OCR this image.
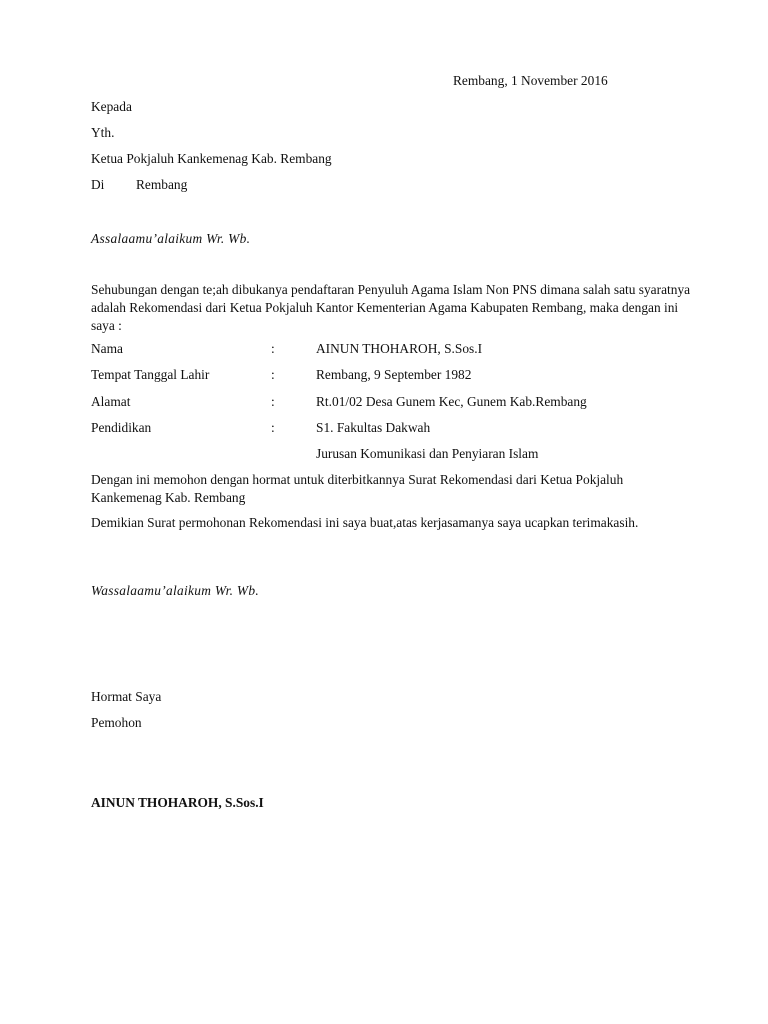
Rembang, 1 November 2016
Kepada
Yth.
Ketua Pokjaluh Kankemenag Kab. Rembang
Di Rembang
Assalaamu’alaikum Wr. Wb.
Sehubungan dengan te;ah dibukanya pendaftaran Penyuluh Agama Islam Non PNS dimana salah satu syaratnya adalah Rekomendasi dari Ketua Pokjaluh Kantor Kementerian Agama Kabupaten Rembang, maka dengan ini saya :
Nama	:	AINUN THOHAROH, S.Sos.I
Tempat Tanggal Lahir	:	Rembang, 9 September 1982
Alamat	:	Rt.01/02 Desa Gunem Kec, Gunem Kab.Rembang
Pendidikan	:	S1. Fakultas Dakwah
Jurusan Komunikasi dan Penyiaran Islam
Dengan ini memohon dengan hormat untuk diterbitkannya Surat Rekomendasi dari Ketua Pokjaluh Kankemenag Kab. Rembang
Demikian Surat permohonan Rekomendasi ini saya buat,atas kerjasamanya saya ucapkan terimakasih.
Wassalaamu’alaikum Wr. Wb.
Hormat Saya
Pemohon
AINUN THOHAROH, S.Sos.I
